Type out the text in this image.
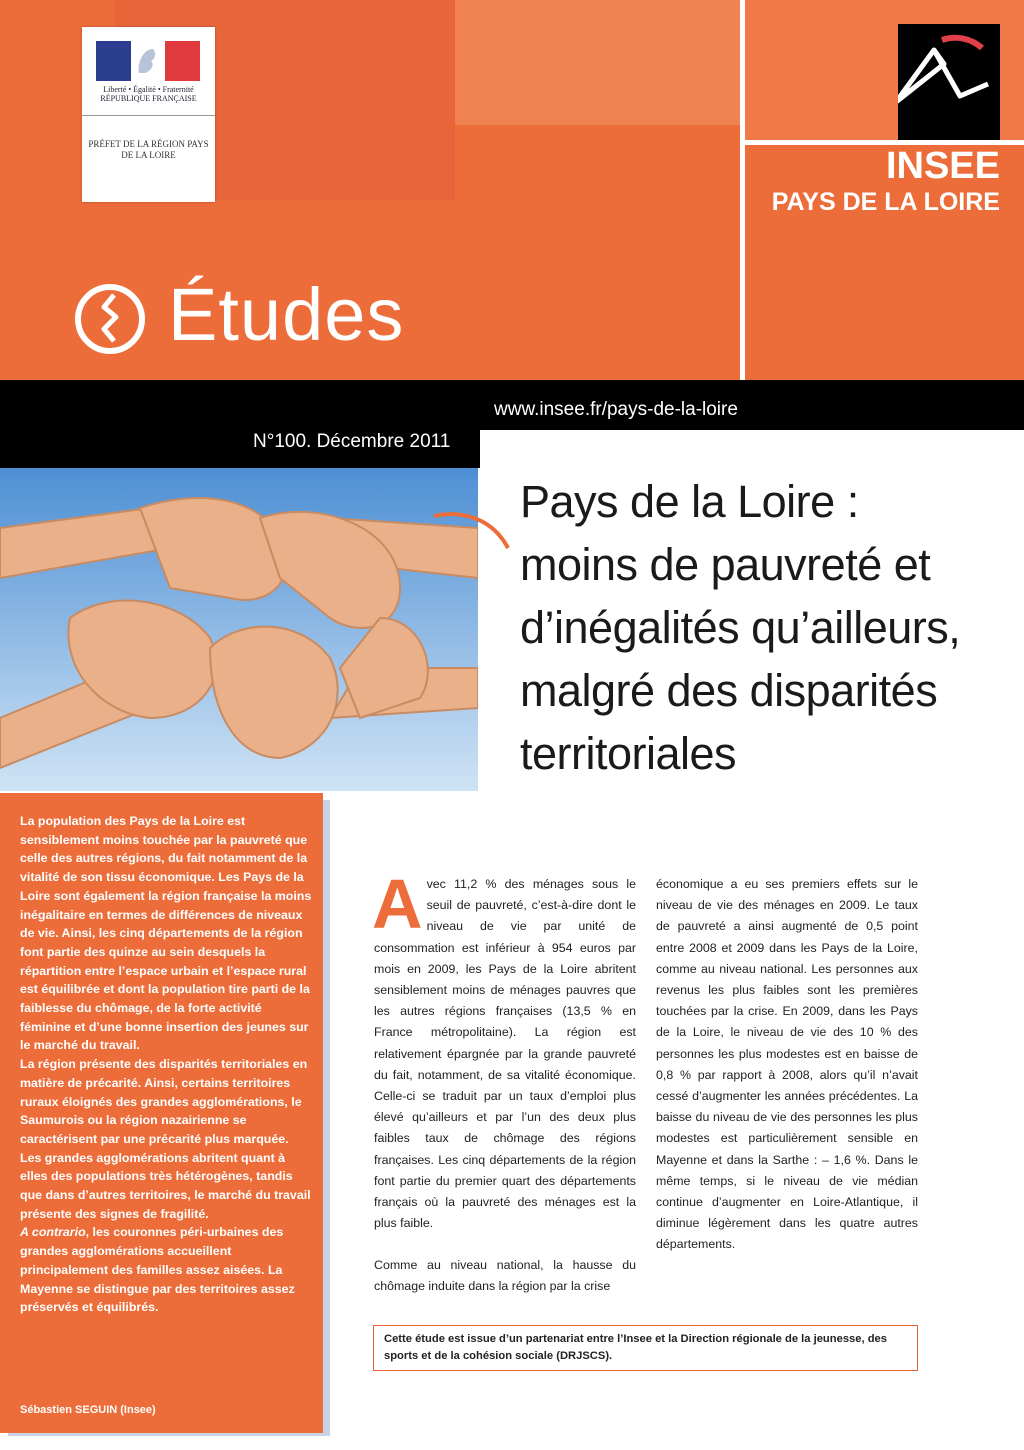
Liberté • Égalité • Fraternité RÉPUBLIQUE FRANÇAISE
PRÉFET DE LA RÉGION PAYS DE LA LOIRE	INSEE
PAYS DE LA LOIRE
Études
www.insee.fr/pays-de-la-loire
N°100. Décembre 2011
Pays de la Loire :
moins de pauvreté et
d’inégalités qu’ailleurs,
malgré des disparités
territoriales

La population des Pays de la Loire est sensiblement moins touchée par la pauvreté que celle des autres régions, du fait notamment de la vitalité de son tissu économique. Les Pays de la Loire sont également la région française la moins inégalitaire en termes de différences de niveaux de vie. Ainsi, les cinq départements de la région font partie des quinze au sein desquels la répartition entre l’espace urbain et l’espace rural est équilibrée et dont la population tire parti de la faiblesse du chômage, de la forte activité féminine et d’une bonne insertion des jeunes sur le marché du travail.

La région présente des disparités territoriales en matière de précarité. Ainsi, certains territoires ruraux éloignés des grandes agglomérations, le Saumurois ou la région nazairienne se caractérisent par une précarité plus marquée. Les grandes agglomérations abritent quant à elles des populations très hétérogènes, tandis que dans d’autres territoires, le marché du travail présente des signes de fragilité.

A contrario, les couronnes péri-urbaines des grandes agglomérations accueillent principalement des familles assez aisées. La Mayenne se distingue par des territoires assez préservés et équilibrés.

Sébastien SEGUIN (Insee)

Avec 11,2 % des ménages sous le seuil de pauvreté, c’est-à-dire dont le niveau de vie par unité de consommation est inférieur à 954 euros par mois en 2009, les Pays de la Loire abritent sensiblement moins de ménages pauvres que les autres régions françaises (13,5 % en France métropolitaine). La région est relativement épargnée par la grande pauvreté du fait, notamment, de sa vitalité économique. Celle-ci se traduit par un taux d’emploi plus élevé qu’ailleurs et par l’un des deux plus faibles taux de chômage des régions françaises. Les cinq départements de la région font partie du premier quart des départements français où la pauvreté des ménages est la plus faible.

Comme au niveau national, la hausse du chômage induite dans la région par la crise

économique a eu ses premiers effets sur le niveau de vie des ménages en 2009. Le taux de pauvreté a ainsi augmenté de 0,5 point entre 2008 et 2009 dans les Pays de la Loire, comme au niveau national. Les personnes aux revenus les plus faibles sont les premières touchées par la crise. En 2009, dans les Pays de la Loire, le niveau de vie des 10 % des personnes les plus modestes est en baisse de 0,8 % par rapport à 2008, alors qu’il n’avait cessé d’augmenter les années précédentes. La baisse du niveau de vie des personnes les plus modestes est particulièrement sensible en Mayenne et dans la Sarthe : – 1,6 %. Dans le même temps, si le niveau de vie médian continue d’augmenter en Loire-Atlantique, il diminue légèrement dans les quatre autres départements.

Cette étude est issue d’un partenariat entre l’Insee et la Direction régionale de la jeunesse, des sports et de la cohésion sociale (DRJSCS).
